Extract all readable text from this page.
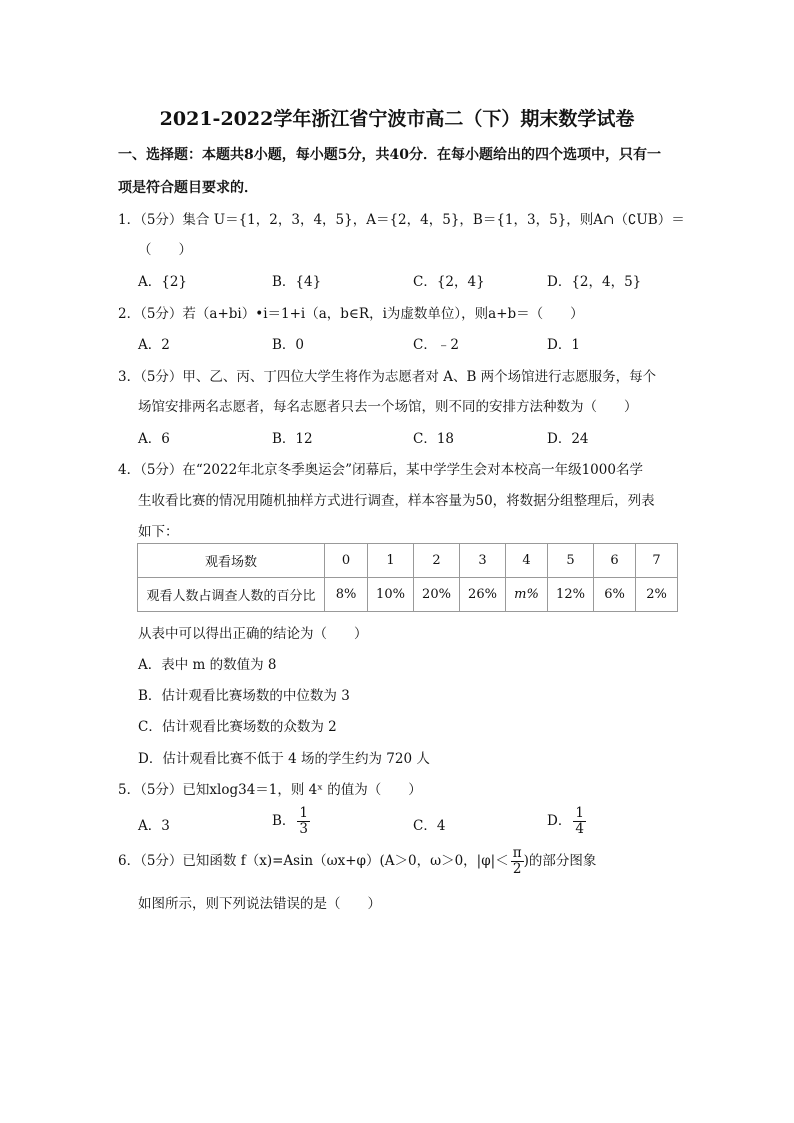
2021-2022学年浙江省宁波市高二（下）期末数学试卷
一、选择题：本题共8小题，每小题5分，共40分．在每小题给出的四个选项中，只有一
项是符合题目要求的．
1．（5分）集合 U＝{1，2，3，4，5}，A＝{2，4，5}，B＝{1，3，5}，则A∩（∁UB）＝
（　　）
A．{2}	B．{4}	C．{2，4}	D．{2，4，5}
2．（5分）若（a+bi）•i＝1+i（a，b∈R，i为虚数单位），则a+b＝（　　）
A．2	B．0	C．﹣2	D．1
3．（5分）甲、乙、丙、丁四位大学生将作为志愿者对 A、B 两个场馆进行志愿服务，每个
场馆安排两名志愿者，每名志愿者只去一个场馆，则不同的安排方法种数为（　　）
A．6	B．12	C．18	D．24
4．（5分）在“2022年北京冬季奥运会”闭幕后，某中学学生会对本校高一年级1000名学
生收看比赛的情况用随机抽样方式进行调查，样本容量为50，将数据分组整理后，列表
如下：
观看场数	0	1	2	3	4	5	6	7
观看人数占调查人数的百分比	8%	10%	20%	26%	m%	12%	6%	2%
从表中可以得出正确的结论为（　　）
A．表中 m 的数值为 8
B．估计观看比赛场数的中位数为 3
C．估计观看比赛场数的众数为 2
D．估计观看比赛不低于 4 场的学生约为 720 人
5．（5分）已知xlog34＝1，则 4ˣ 的值为（　　）
A．3	B． $\frac{1}{3}$	C．4	D． $\frac{1}{4}$
6．（5分）已知函数 f（x)=Asin（ωx+φ）(A＞0，ω＞0，$|\varphi|< \frac{\pi}{2}$ )的部分图象
如图所示，则下列说法错误的是（　　）
